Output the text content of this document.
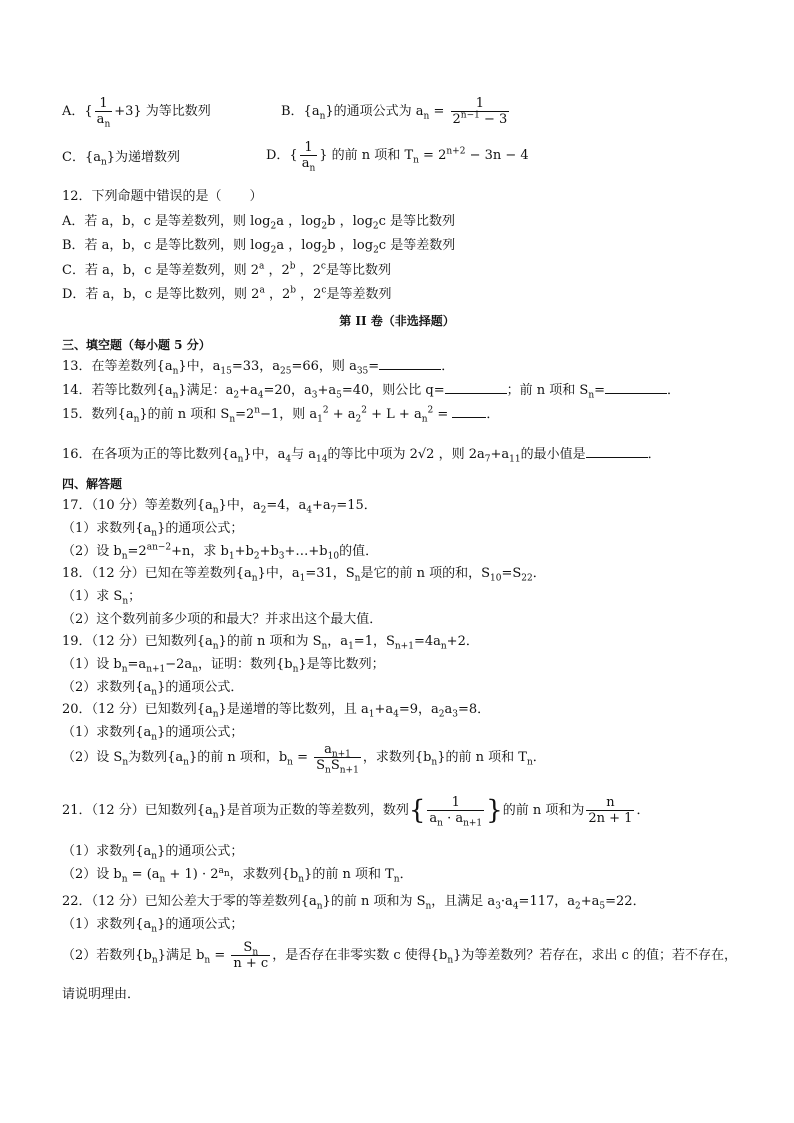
A．{ $\frac{1}{a_n} +3$} 为等比数列	B．$\{a_n\}$的通项公式为 $a_n = \frac{1}{2^{n-1} - 3}$
C．$\{a_n\}$为递增数列	D．{ $\frac{1}{a_n}$ } 的前 n 项和 $T_n = 2^{n+2} - 3n - 4$
12．下列命题中错误的是（ ）
A．若 a，b，c 是等差数列，则 $\log_2a$ ，$\log_2b$ ，$\log_2c$ 是等比数列
B．若 a，b，c 是等比数列，则 $\log_2a$ ，$\log_2b$ ，$\log_2c$ 是等差数列
C．若 a，b，c 是等差数列，则 2$^a$ ，2$^b$ ，2$^c$是等比数列
D．若 a，b，c 是等比数列，则 2$^a$ ，2$^b$ ，2$^c$是等差数列
第 II 卷（非选择题）
三、填空题（每小题 5 分）
13．在等差数列$\{a_n\}$中，$a_{15}=33$，$a_{25}=66$，则 $a_{35}=$	．
14．若等比数列$\{a_n\}$满足：$a_2+a_4=20$，$a_3+a_5=40$，则公比 q=	；前 n 项和 $S_n=$	．
15．数列$\{a_n\}$的前 n 项和 $S_n=2^n-1$，则 $a_1^2 + a_2^2 + L + a_n^2$ =	．
16．在各项为正的等比数列$\{a_n\}$中，$a_4$与 $a_{14}$的等比中项为 2√2 ，则 $2a_7+a_{11}$的最小值是	．
四、解答题
17．（10 分）等差数列$\{a_n\}$中，$a_2=4$，$a_4+a_7=15$．
（1）求数列$\{a_n\}$的通项公式；
（2）设 $b_n=2^{an-2}+n$，求 $b_1+b_2+b_3+\dots+b_{10}$的值．
18．（12 分）已知在等差数列$\{a_n\}$中，$a_1=31$，$S_n$是它的前 n 项的和，$S_{10}=S_{22}$．
（1）求 $S_n$；
（2）这个数列前多少项的和最大？并求出这个最大值．
19．（12 分）已知数列$\{a_n\}$的前 n 项和为 $S_n$，$a_1=1$，$S_{n+1}=4a_n+2$．
（1）设 $b_n=a_{n+1}-2a_n$，证明：数列$\{b_n\}$是等比数列；
（2）求数列$\{a_n\}$的通项公式．
20．（12 分）已知数列$\{a_n\}$是递增的等比数列，且 $a_1+a_4=9$，$a_2a_3=8$．
（1）求数列$\{a_n\}$的通项公式；
（2）设 $S_n$为数列$\{a_n\}$的前 n 项和，$b_n = \frac{a_{n+1}}{S_nS_{n+1}}$ ，求数列$\{b_n\}$的前 n 项和 $T_n$．
21．（12 分）已知数列$\{a_n\}$是首项为正数的等差数列，数列{ $\frac{1}{a_n \cdot a_{n+1}}$ }的前 n 项和为 $\frac{n}{2n + 1}$ ．
（1）求数列$\{a_n\}$的通项公式；
（2）设 $b_n = (a_n + 1) \cdot 2^{a_n}$，求数列$\{b_n\}$的前 n 项和 $T_n$．
22．（12 分）已知公差大于零的等差数列$\{a_n\}$的前 n 项和为 $S_n$，且满足 $a_3\cdot a_4=117$，$a_2+a_5=22$．
（1）求数列$\{a_n\}$的通项公式；
（2）若数列$\{b_n\}$满足 $b_n = \frac{S_n}{n + c}$ ，是否存在非零实数 c 使得$\{b_n\}$为等差数列？若存在，求出 c 的值；若不存在，
请说明理由．
